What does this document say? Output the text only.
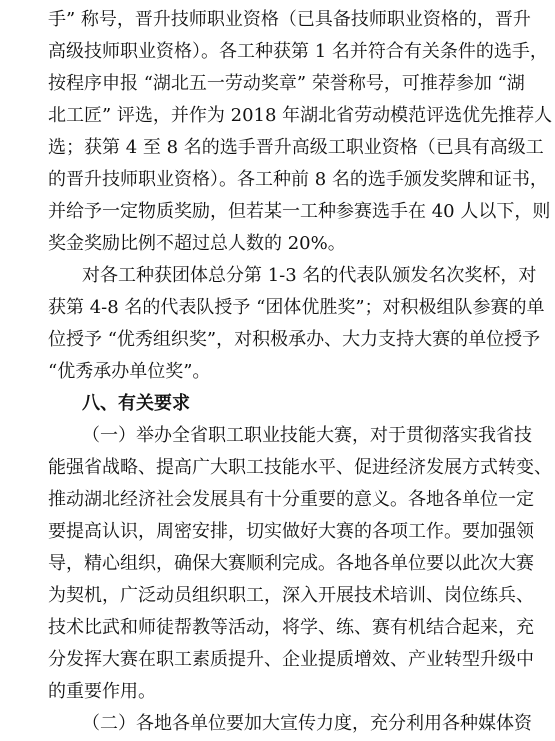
手” 称号，晋升技师职业资格（已具备技师职业资格的，晋升
高级技师职业资格）。各工种获第 1 名并符合有关条件的选手，
按程序申报 “湖北五一劳动奖章” 荣誉称号，可推荐参加 “湖
北工匠” 评选，并作为 2018 年湖北省劳动模范评选优先推荐人
选；获第 4 至 8 名的选手晋升高级工职业资格（已具有高级工
的晋升技师职业资格）。各工种前 8 名的选手颁发奖牌和证书，
并给予一定物质奖励，但若某一工种参赛选手在 40 人以下，则
奖金奖励比例不超过总人数的 20%。
对各工种获团体总分第 1-3 名的代表队颁发名次奖杯，对
获第 4-8 名的代表队授予 “团体优胜奖”；对积极组队参赛的单
位授予 “优秀组织奖”，对积极承办、大力支持大赛的单位授予
“优秀承办单位奖”。
八、有关要求
（一）举办全省职工职业技能大赛，对于贯彻落实我省技
能强省战略、提高广大职工技能水平、促进经济发展方式转变、
推动湖北经济社会发展具有十分重要的意义。各地各单位一定
要提高认识，周密安排，切实做好大赛的各项工作。要加强领
导，精心组织，确保大赛顺利完成。各地各单位要以此次大赛
为契机，广泛动员组织职工，深入开展技术培训、岗位练兵、
技术比武和师徒帮教等活动，将学、练、赛有机结合起来，充
分发挥大赛在职工素质提升、企业提质增效、产业转型升级中
的重要作用。
（二）各地各单位要加大宣传力度，充分利用各种媒体资
